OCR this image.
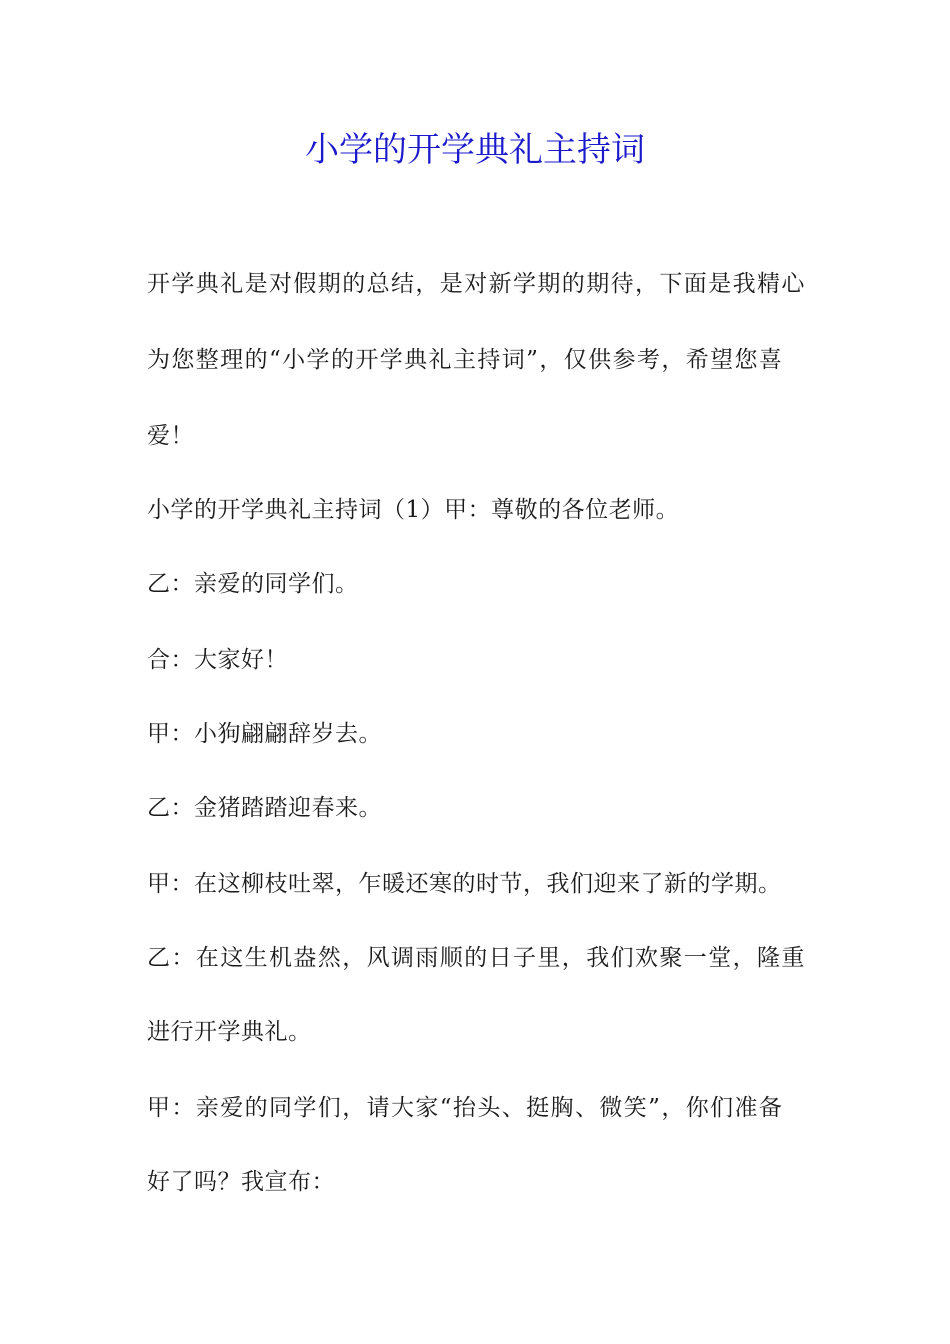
小学的开学典礼主持词
开学典礼是对假期的总结，是对新学期的期待，下面是我精心
为您整理的“小学的开学典礼主持词”，仅供参考，希望您喜
爱！
小学的开学典礼主持词（1）甲：尊敬的各位老师。
乙：亲爱的同学们。
合：大家好！
甲：小狗翩翩辞岁去。
乙：金猪踏踏迎春来。
甲：在这柳枝吐翠，乍暖还寒的时节，我们迎来了新的学期。
乙：在这生机盎然，风调雨顺的日子里，我们欢聚一堂，隆重
进行开学典礼。
甲：亲爱的同学们，请大家“抬头、挺胸、微笑”，你们准备
好了吗？我宣布：
